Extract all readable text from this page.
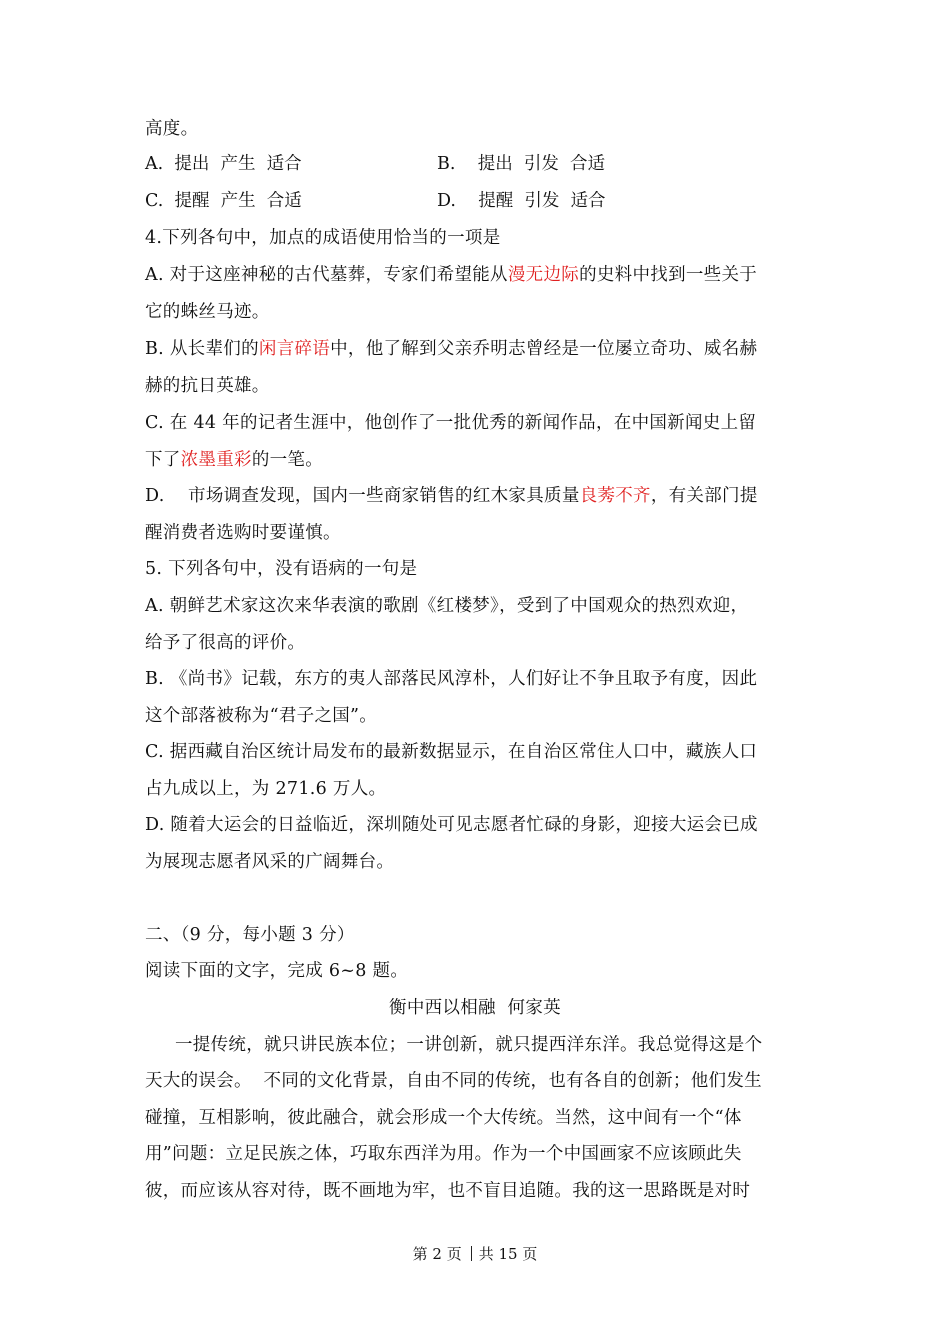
高度。
A. 提出  产生  适合	B. 提出  引发  合适
C. 提醒  产生  合适	D. 提醒  引发  适合
4.下列各句中，加点的成语使用恰当的一项是
A. 对于这座神秘的古代墓葬，专家们希望能从漫无边际的史料中找到一些关于
它的蛛丝马迹。
B. 从长辈们的闲言碎语中，他了解到父亲乔明志曾经是一位屡立奇功、威名赫
赫的抗日英雄。
C. 在 44 年的记者生涯中，他创作了一批优秀的新闻作品，在中国新闻史上留
下了浓墨重彩的一笔。
D.    市场调查发现，国内一些商家销售的红木家具质量良莠不齐，有关部门提
醒消费者选购时要谨慎。
5. 下列各句中，没有语病的一句是
A. 朝鲜艺术家这次来华表演的歌剧《红楼梦》，受到了中国观众的热烈欢迎，
给予了很高的评价。
B. 《尚书》记载，东方的夷人部落民风淳朴，人们好让不争且取予有度，因此
这个部落被称为“君子之国”。
C. 据西藏自治区统计局发布的最新数据显示，在自治区常住人口中，藏族人口
占九成以上，为 271.6 万人。
D. 随着大运会的日益临近，深圳随处可见志愿者忙碌的身影，迎接大运会已成
为展现志愿者风采的广阔舞台。
二、（9 分，每小题 3 分）
阅读下面的文字，完成 6~8 题。
衡中西以相融  何家英
一提传统，就只讲民族本位；一讲创新，就只提西洋东洋。我总觉得这是个
天大的误会。  不同的文化背景，自由不同的传统，也有各自的创新；他们发生
碰撞，互相影响，彼此融合，就会形成一个大传统。当然，这中间有一个“体
用”问题：立足民族之体，巧取东西洋为用。作为一个中国画家不应该顾此失
彼，而应该从容对待，既不画地为牢，也不盲目追随。我的这一思路既是对时
第 2 页 共 15 页
